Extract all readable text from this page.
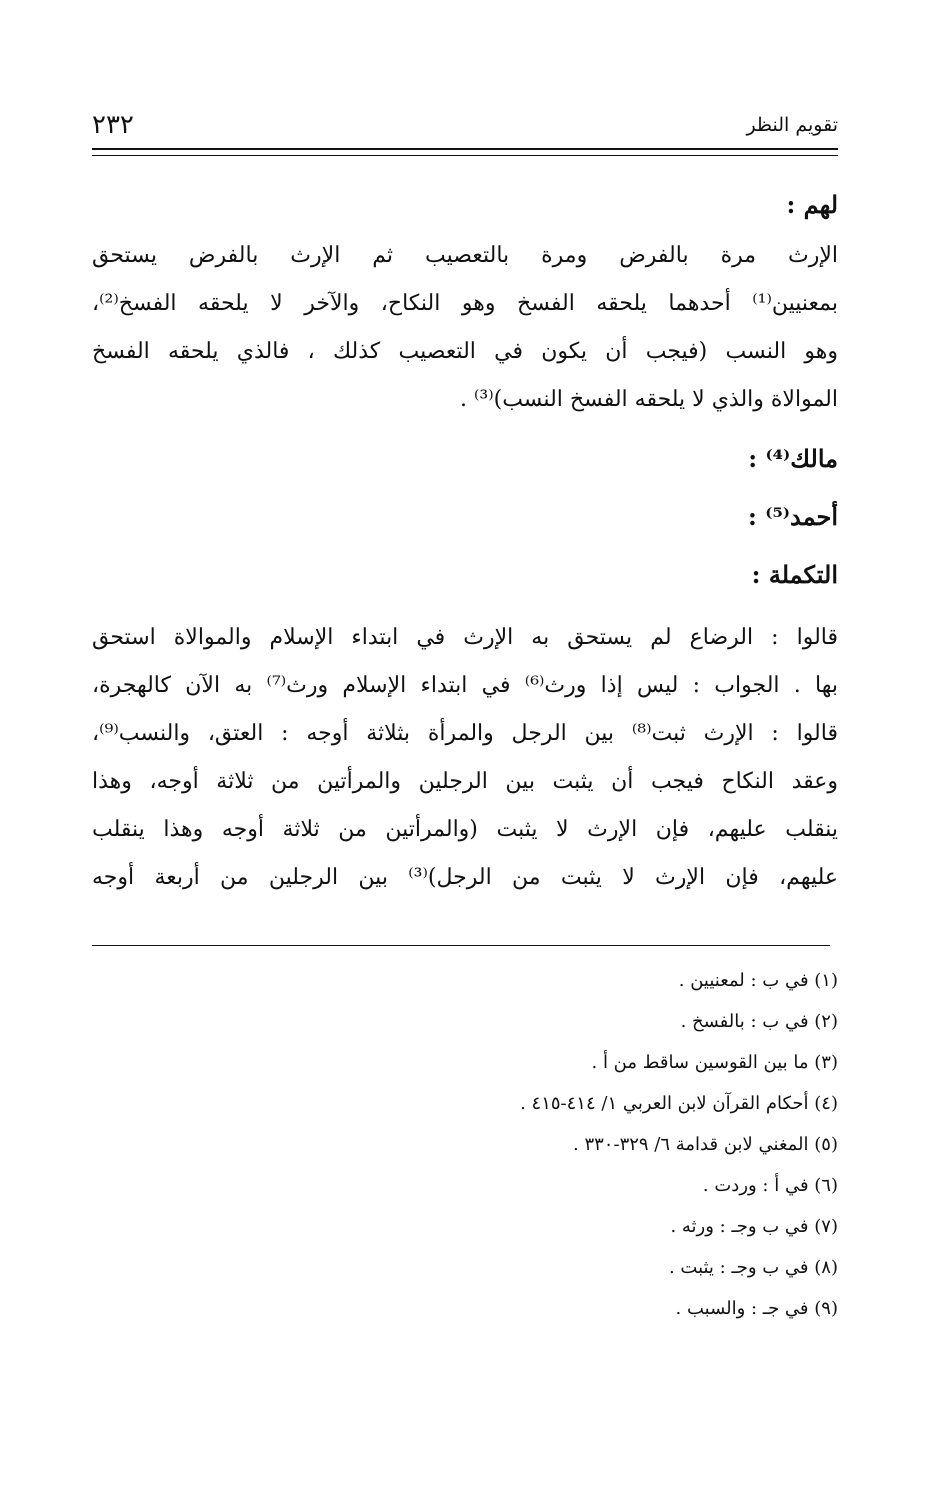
تقويم النظر
٢٣٢
لهم :
الإرث مرة بالفرض ومرة بالتعصيب ثم الإرث بالفرض يستحق
بمعنيين⁽¹⁾ أحدهما يلحقه الفسخ وهو النكاح، والآخر لا يلحقه الفسخ⁽²⁾،
وهو النسب (فيجب أن يكون في التعصيب كذلك ، فالذي يلحقه الفسخ
الموالاة والذي لا يلحقه الفسخ النسب)⁽³⁾ .
مالك⁽⁴⁾ :
أحمد⁽⁵⁾ :
التكملة :
قالوا : الرضاع لم يستحق به الإرث في ابتداء الإسلام والموالاة استحق
بها . الجواب : ليس إذا ورث⁽⁶⁾ في ابتداء الإسلام ورث⁽⁷⁾ به الآن كالهجرة،
قالوا : الإرث ثبت⁽⁸⁾ بين الرجل والمرأة بثلاثة أوجه : العتق، والنسب⁽⁹⁾،
وعقد النكاح فيجب أن يثبت بين الرجلين والمرأتين من ثلاثة أوجه، وهذا
ينقلب عليهم، فإن الإرث لا يثبت (والمرأتين من ثلاثة أوجه وهذا ينقلب
عليهم، فإن الإرث لا يثبت من الرجل)⁽³⁾ بين الرجلين من أربعة أوجه
(١) في ب : لمعنيين .
(٢) في ب : بالفسخ .
(٣) ما بين القوسين ساقط من أ .
(٤) أحكام القرآن لابن العربي ١/ ٤١٤-٤١٥ .
(٥) المغني لابن قدامة ٦/ ٣٢٩-٣٣٠ .
(٦) في أ : وردت .
(٧) في ب وجـ : ورثه .
(٨) في ب وجـ : يثبت .
(٩) في جـ : والسبب .
